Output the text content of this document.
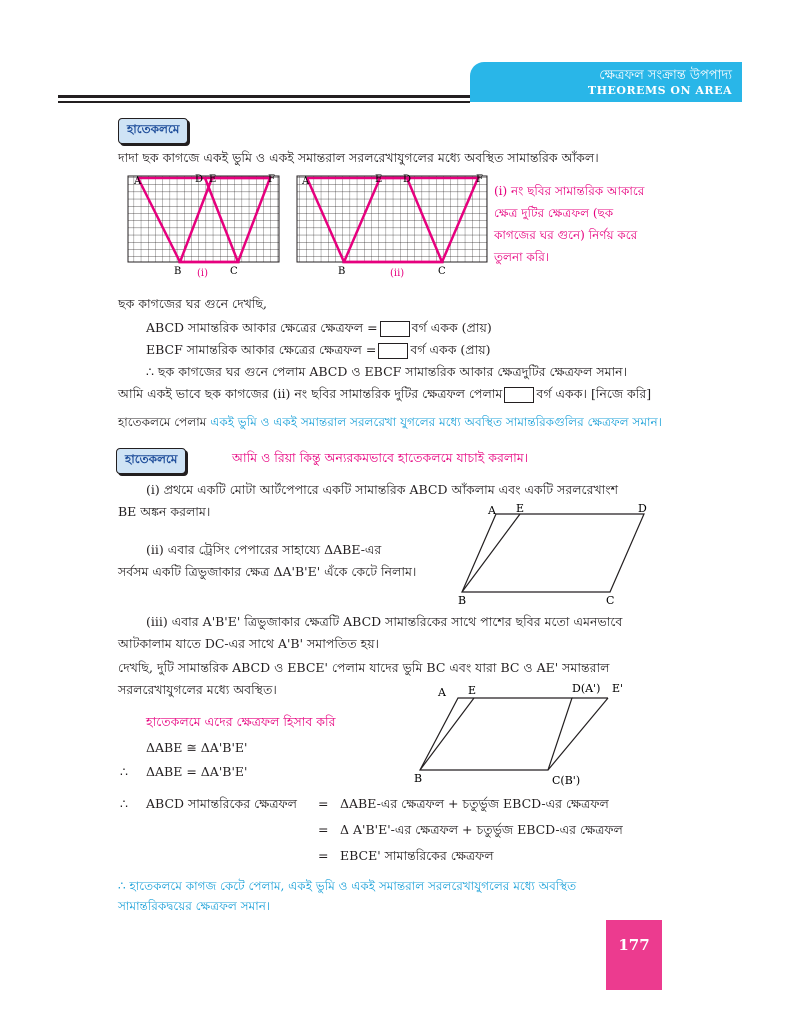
ক্ষেত্রফল সংক্রান্ত উপপাদ্য
THEOREMS ON AREA
হাতেকলমে
দাদা ছক কাগজে একই ভুমি ও একই সমান্তরাল সরলরেখাযুগলের মধ্যে অবস্থিত সামান্তরিক আঁকল।
A	D E	F
B	C
(i)
A	E D	F
B	C
(ii)
(i) নং ছবির সামান্তরিক আকারে
ক্ষেত্র দুটির ক্ষেত্রফল (ছক
কাগজের ঘর গুনে) নির্ণয় করে
তুলনা করি।
ছক কাগজের ঘর গুনে দেখছি,
ABCD সামান্তরিক আকার ক্ষেত্রের ক্ষেত্রফল =	বর্গ একক (প্রায়)
EBCF সামান্তরিক আকার ক্ষেত্রের ক্ষেত্রফল =	বর্গ একক (প্রায়)
∴ ছক কাগজের ঘর গুনে পেলাম ABCD ও EBCF সামান্তরিক আকার ক্ষেত্রদুটির ক্ষেত্রফল সমান।
আমি একই ভাবে ছক কাগজের (ii) নং ছবির সামান্তরিক দুটির ক্ষেত্রফল পেলাম	বর্গ একক। [নিজে করি]
হাতেকলমে পেলাম একই ভুমি ও একই সমান্তরাল সরলরেখা যুগলের মধ্যে অবস্থিত সামান্তরিকগুলির ক্ষেত্রফল সমান।
হাতেকলমে	আমি ও রিয়া কিন্তু অন্যরকমভাবে হাতেকলমে যাচাই করলাম।
(i) প্রথমে একটি মোটা আর্টপেপারে একটি সামান্তরিক ABCD আঁকলাম এবং একটি সরলরেখাংশ
BE অঙ্কন করলাম।	A E	D
B	C
(ii) এবার ট্রেসিং পেপারের সাহায্যে ΔABE-এর
সর্বসম একটি ত্রিভুজাকার ক্ষেত্র ΔA'B'E' এঁকে কেটে নিলাম।
(iii) এবার A'B'E' ত্রিভুজাকার ক্ষেত্রটি ABCD সামান্তরিকের সাথে পাশের ছবির মতো এমনভাবে
আটকালাম যাতে DC-এর সাথে A'B' সমাপতিত হয়।
দেখছি, দুটি সামান্তরিক ABCD ও EBCE' পেলাম যাদের ভুমি BC এবং যারা BC ও AE' সমান্তরাল
সরলরেখাযুগলের মধ্যে অবস্থিত।	A E	D(A') E'
B	C(B')
হাতেকলমে এদের ক্ষেত্রফল হিসাব করি
ΔABE ≅ ΔA'B'E'
∴ ΔABE = ΔA'B'E'
∴ ABCD সামান্তরিকের ক্ষেত্রফল = ΔABE-এর ক্ষেত্রফল + চতুর্ভুজ EBCD-এর ক্ষেত্রফল
= Δ A'B'E'-এর ক্ষেত্রফল + চতুর্ভুজ EBCD-এর ক্ষেত্রফল
= EBCE' সামান্তরিকের ক্ষেত্রফল
∴ হাতেকলমে কাগজ কেটে পেলাম, একই ভুমি ও একই সমান্তরাল সরলরেখাযুগলের মধ্যে অবস্থিত
সামান্তরিকদ্বয়ের ক্ষেত্রফল সমান।
177
